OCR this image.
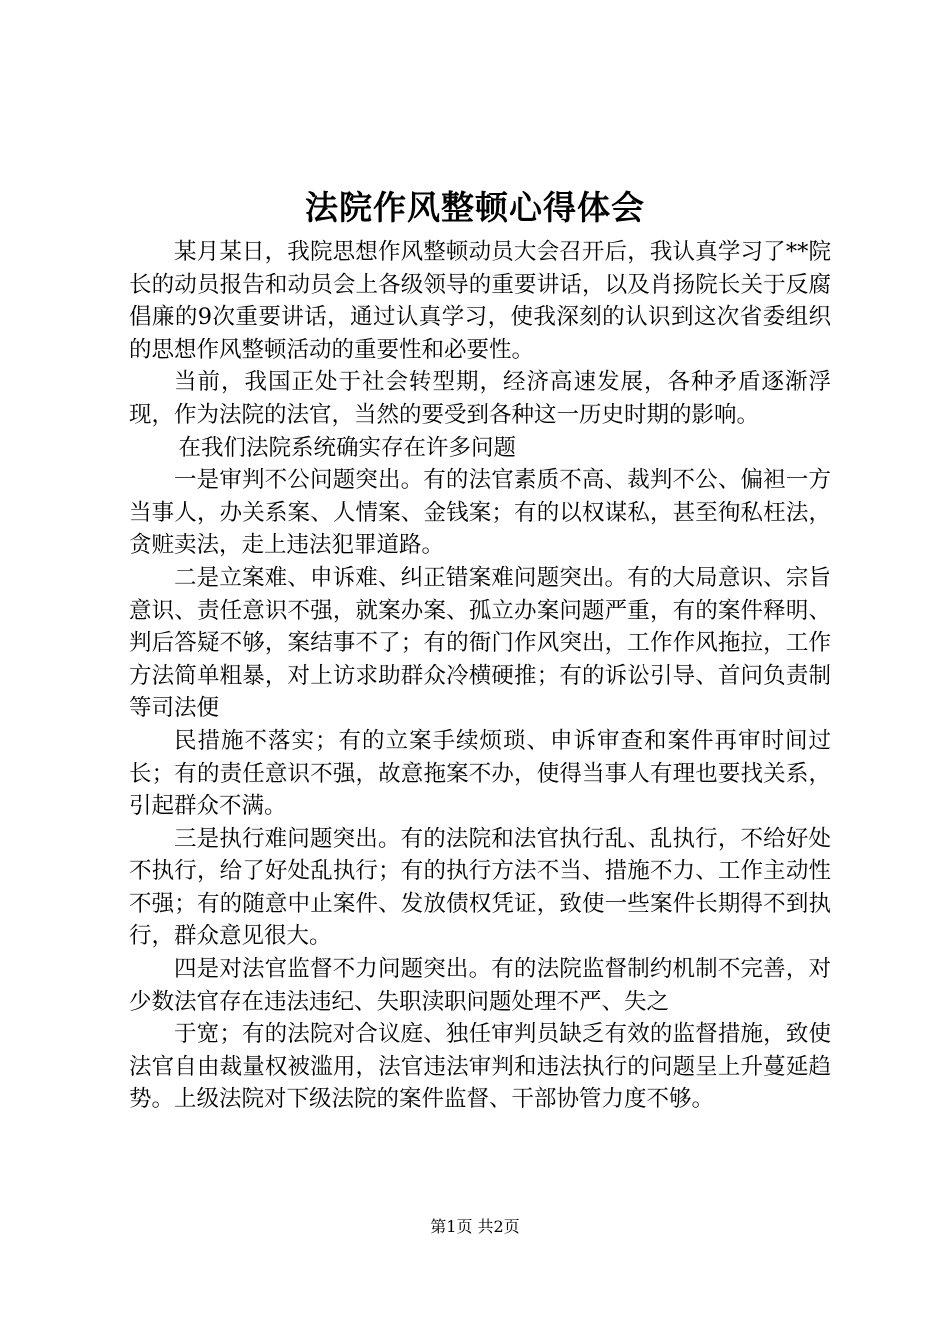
法院作风整顿心得体会

某月某日，我院思想作风整顿动员大会召开后，我认真学习了**院长的动员报告和动员会上各级领导的重要讲话，以及肖扬院长关于反腐倡廉的9次重要讲话，通过认真学习，使我深刻的认识到这次省委组织的思想作风整顿活动的重要性和必要性。

当前，我国正处于社会转型期，经济高速发展，各种矛盾逐渐浮现，作为法院的法官，当然的要受到各种这一历史时期的影响。

在我们法院系统确实存在许多问题

一是审判不公问题突出。有的法官素质不高、裁判不公、偏袒一方当事人，办关系案、人情案、金钱案；有的以权谋私，甚至徇私枉法，贪赃卖法，走上违法犯罪道路。

二是立案难、申诉难、纠正错案难问题突出。有的大局意识、宗旨意识、责任意识不强，就案办案、孤立办案问题严重，有的案件释明、判后答疑不够，案结事不了；有的衙门作风突出，工作作风拖拉，工作方法简单粗暴，对上访求助群众冷横硬推；有的诉讼引导、首问负责制等司法便

民措施不落实；有的立案手续烦琐、申诉审查和案件再审时间过长；有的责任意识不强，故意拖案不办，使得当事人有理也要找关系，引起群众不满。

三是执行难问题突出。有的法院和法官执行乱、乱执行，不给好处不执行，给了好处乱执行；有的执行方法不当、措施不力、工作主动性不强；有的随意中止案件、发放债权凭证，致使一些案件长期得不到执行，群众意见很大。

四是对法官监督不力问题突出。有的法院监督制约机制不完善，对少数法官存在违法违纪、失职渎职问题处理不严、失之

于宽；有的法院对合议庭、独任审判员缺乏有效的监督措施，致使法官自由裁量权被滥用，法官违法审判和违法执行的问题呈上升蔓延趋势。上级法院对下级法院的案件监督、干部协管力度不够。

第1页 共2页
